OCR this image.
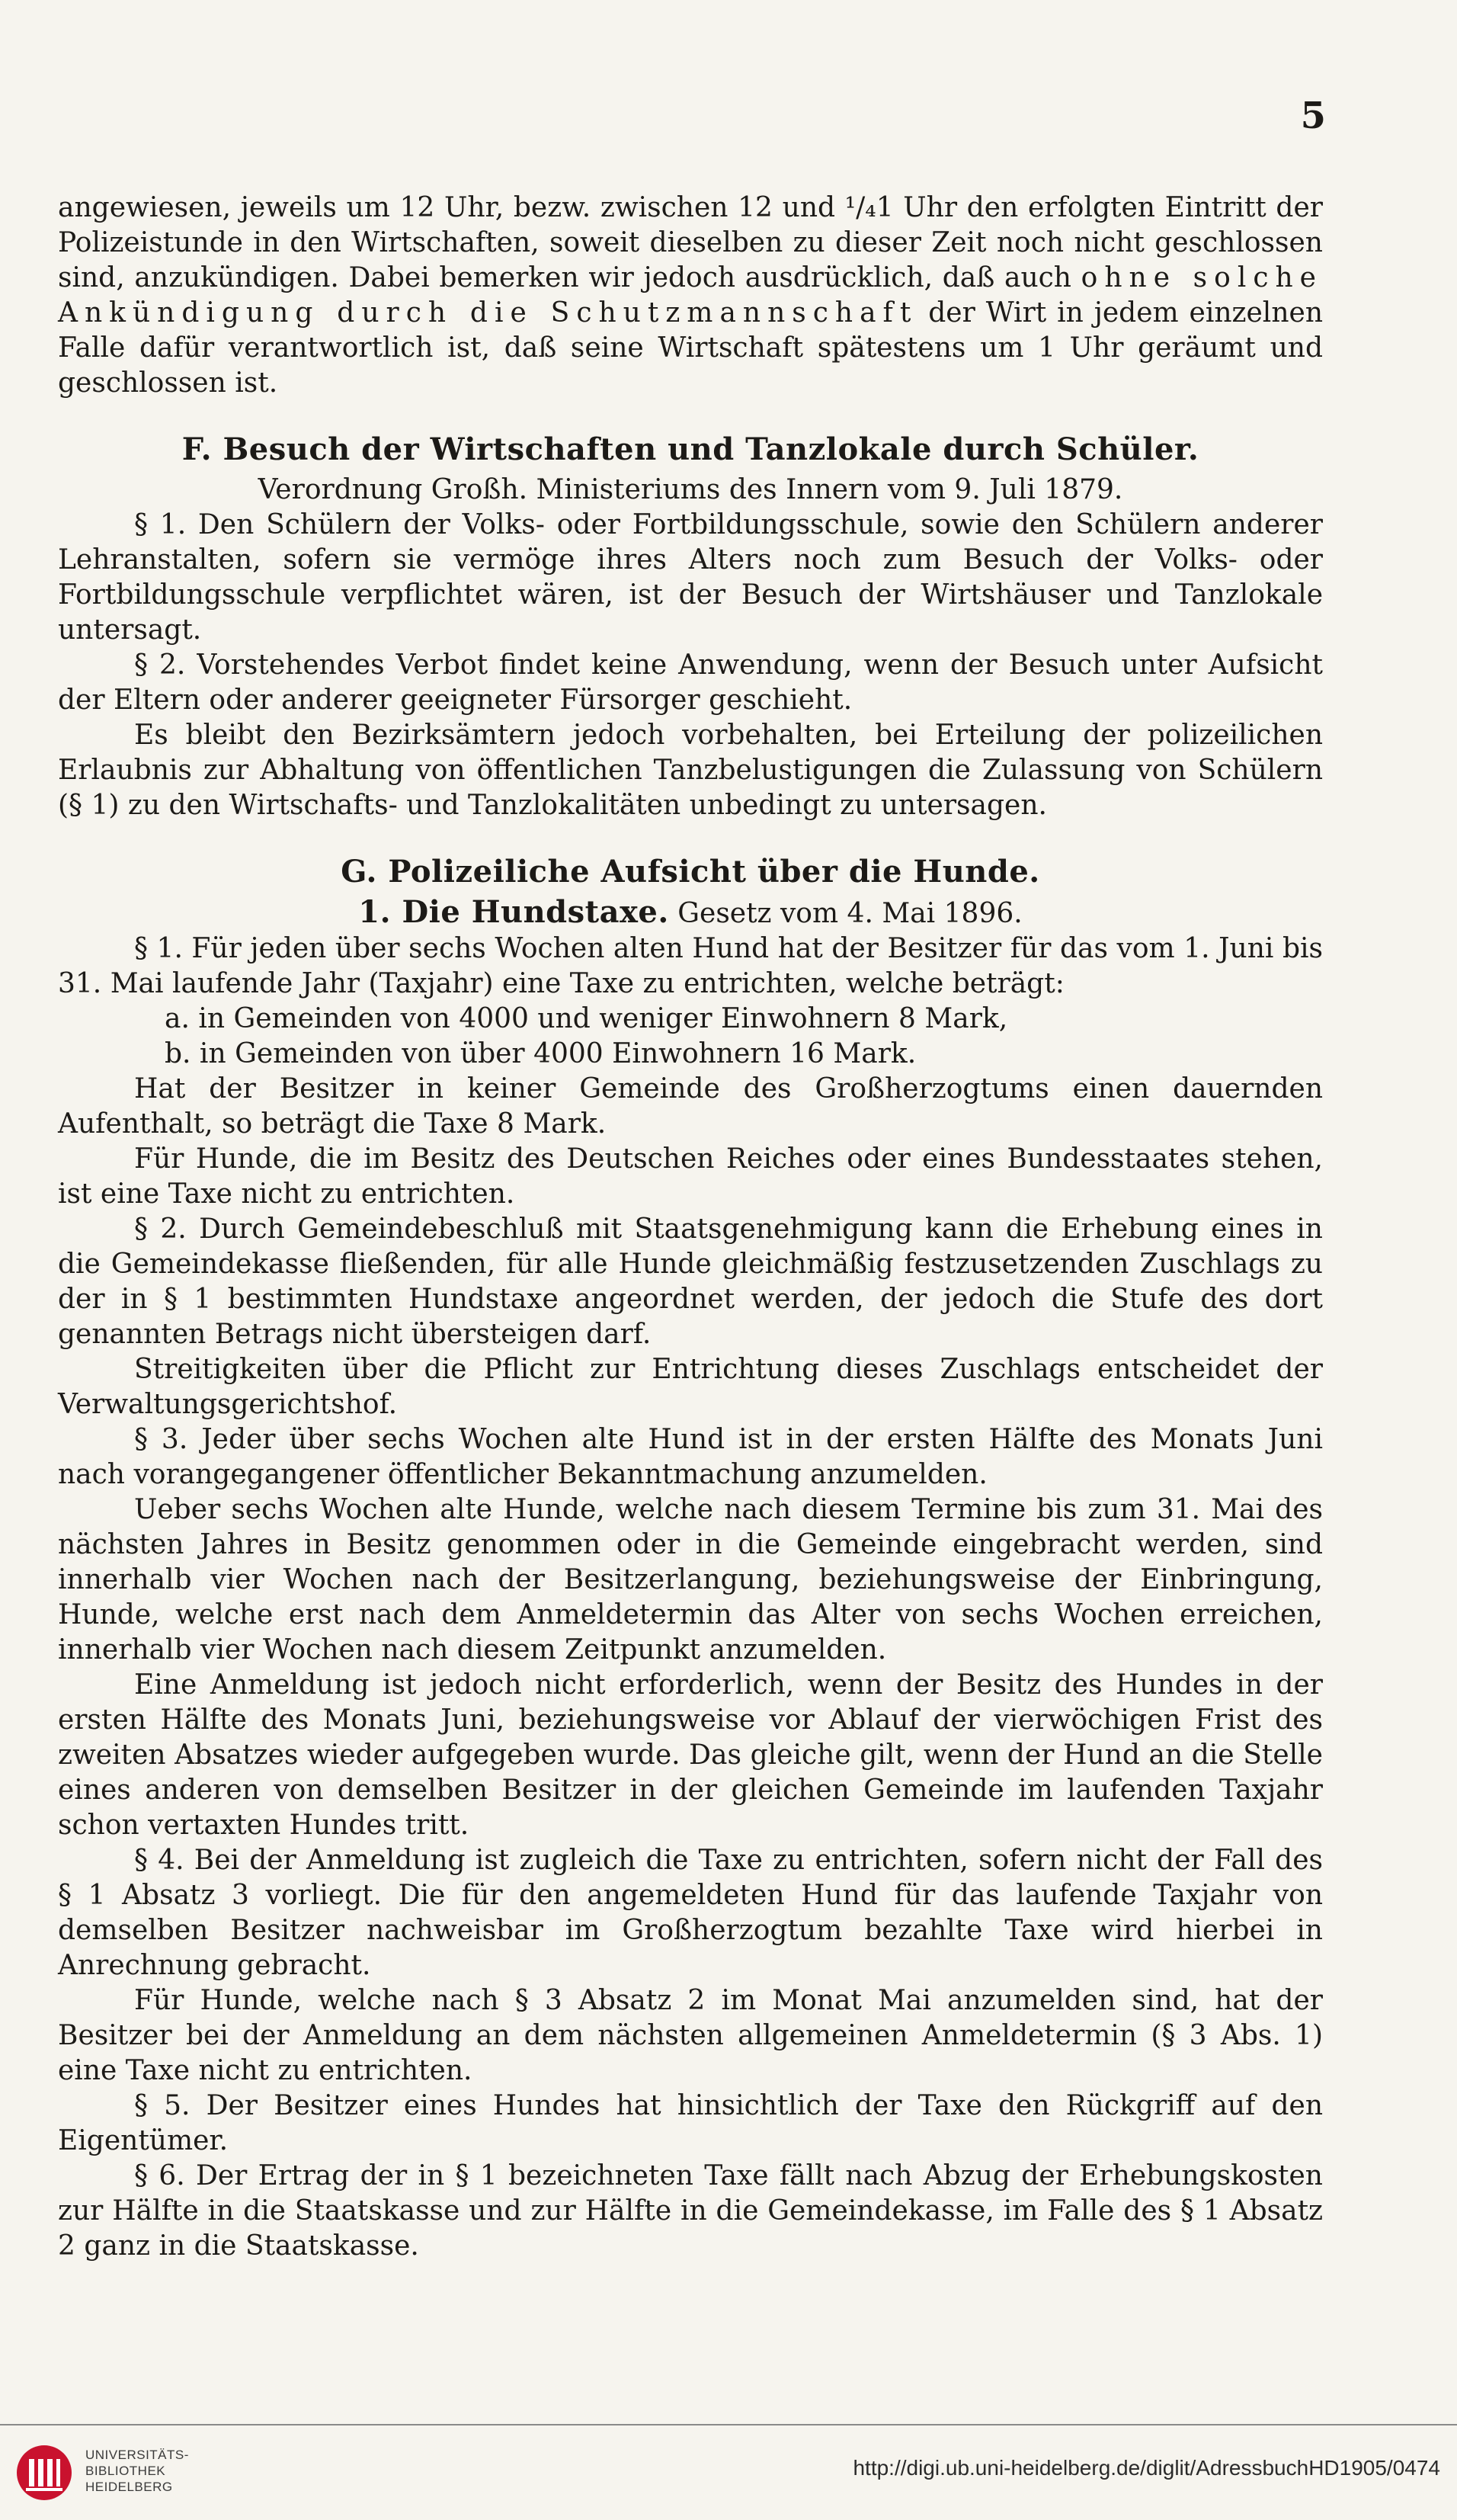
5

angewiesen, jeweils um 12 Uhr, bezw. zwischen 12 und ¹/₄1 Uhr den erfolgten Eintritt der Polizeistunde in den Wirtschaften, soweit dieselben zu dieser Zeit noch nicht geschlossen sind, anzukündigen. Dabei bemerken wir jedoch ausdrücklich, daß auch ohne solche Ankündigung durch die Schutzmannschaft der Wirt in jedem einzelnen Falle dafür verantwortlich ist, daß seine Wirtschaft spätestens um 1 Uhr geräumt und geschlossen ist.

F. Besuch der Wirtschaften und Tanzlokale durch Schüler.

Verordnung Großh. Ministeriums des Innern vom 9. Juli 1879.

§ 1. Den Schülern der Volks- oder Fortbildungsschule, sowie den Schülern anderer Lehranstalten, sofern sie vermöge ihres Alters noch zum Besuch der Volks- oder Fortbildungsschule verpflichtet wären, ist der Besuch der Wirtshäuser und Tanzlokale untersagt.

§ 2. Vorstehendes Verbot findet keine Anwendung, wenn der Besuch unter Aufsicht der Eltern oder anderer geeigneter Fürsorger geschieht.

Es bleibt den Bezirksämtern jedoch vorbehalten, bei Erteilung der polizeilichen Erlaubnis zur Abhaltung von öffentlichen Tanzbelustigungen die Zulassung von Schülern (§ 1) zu den Wirtschafts- und Tanzlokalitäten unbedingt zu untersagen.

G. Polizeiliche Aufsicht über die Hunde.

1. Die Hundstaxe. Gesetz vom 4. Mai 1896.

§ 1. Für jeden über sechs Wochen alten Hund hat der Besitzer für das vom 1. Juni bis 31. Mai laufende Jahr (Taxjahr) eine Taxe zu entrichten, welche beträgt:

a. in Gemeinden von 4000 und weniger Einwohnern 8 Mark,

b. in Gemeinden von über 4000 Einwohnern 16 Mark.

Hat der Besitzer in keiner Gemeinde des Großherzogtums einen dauernden Aufenthalt, so beträgt die Taxe 8 Mark.

Für Hunde, die im Besitz des Deutschen Reiches oder eines Bundesstaates stehen, ist eine Taxe nicht zu entrichten.

§ 2. Durch Gemeindebeschluß mit Staatsgenehmigung kann die Erhebung eines in die Gemeindekasse fließenden, für alle Hunde gleichmäßig festzusetzenden Zuschlags zu der in § 1 bestimmten Hundstaxe angeordnet werden, der jedoch die Stufe des dort genannten Betrags nicht übersteigen darf.

Streitigkeiten über die Pflicht zur Entrichtung dieses Zuschlags entscheidet der Verwaltungsgerichtshof.

§ 3. Jeder über sechs Wochen alte Hund ist in der ersten Hälfte des Monats Juni nach vorangegangener öffentlicher Bekanntmachung anzumelden.

Ueber sechs Wochen alte Hunde, welche nach diesem Termine bis zum 31. Mai des nächsten Jahres in Besitz genommen oder in die Gemeinde eingebracht werden, sind innerhalb vier Wochen nach der Besitzerlangung, beziehungsweise der Einbringung, Hunde, welche erst nach dem Anmeldetermin das Alter von sechs Wochen erreichen, innerhalb vier Wochen nach diesem Zeitpunkt anzumelden.

Eine Anmeldung ist jedoch nicht erforderlich, wenn der Besitz des Hundes in der ersten Hälfte des Monats Juni, beziehungsweise vor Ablauf der vierwöchigen Frist des zweiten Absatzes wieder aufgegeben wurde. Das gleiche gilt, wenn der Hund an die Stelle eines anderen von demselben Besitzer in der gleichen Gemeinde im laufenden Taxjahr schon vertaxten Hundes tritt.

§ 4. Bei der Anmeldung ist zugleich die Taxe zu entrichten, sofern nicht der Fall des § 1 Absatz 3 vorliegt. Die für den angemeldeten Hund für das laufende Taxjahr von demselben Besitzer nachweisbar im Großherzogtum bezahlte Taxe wird hierbei in Anrechnung gebracht.

Für Hunde, welche nach § 3 Absatz 2 im Monat Mai anzumelden sind, hat der Besitzer bei der Anmeldung an dem nächsten allgemeinen Anmeldetermin (§ 3 Abs. 1) eine Taxe nicht zu entrichten.

§ 5. Der Besitzer eines Hundes hat hinsichtlich der Taxe den Rückgriff auf den Eigentümer.

§ 6. Der Ertrag der in § 1 bezeichneten Taxe fällt nach Abzug der Erhebungskosten zur Hälfte in die Staatskasse und zur Hälfte in die Gemeindekasse, im Falle des § 1 Absatz 2 ganz in die Staatskasse.

UNIVERSITÄTS-
BIBLIOTHEK
HEIDELBERG
http://digi.ub.uni-heidelberg.de/diglit/AdressbuchHD1905/0474
